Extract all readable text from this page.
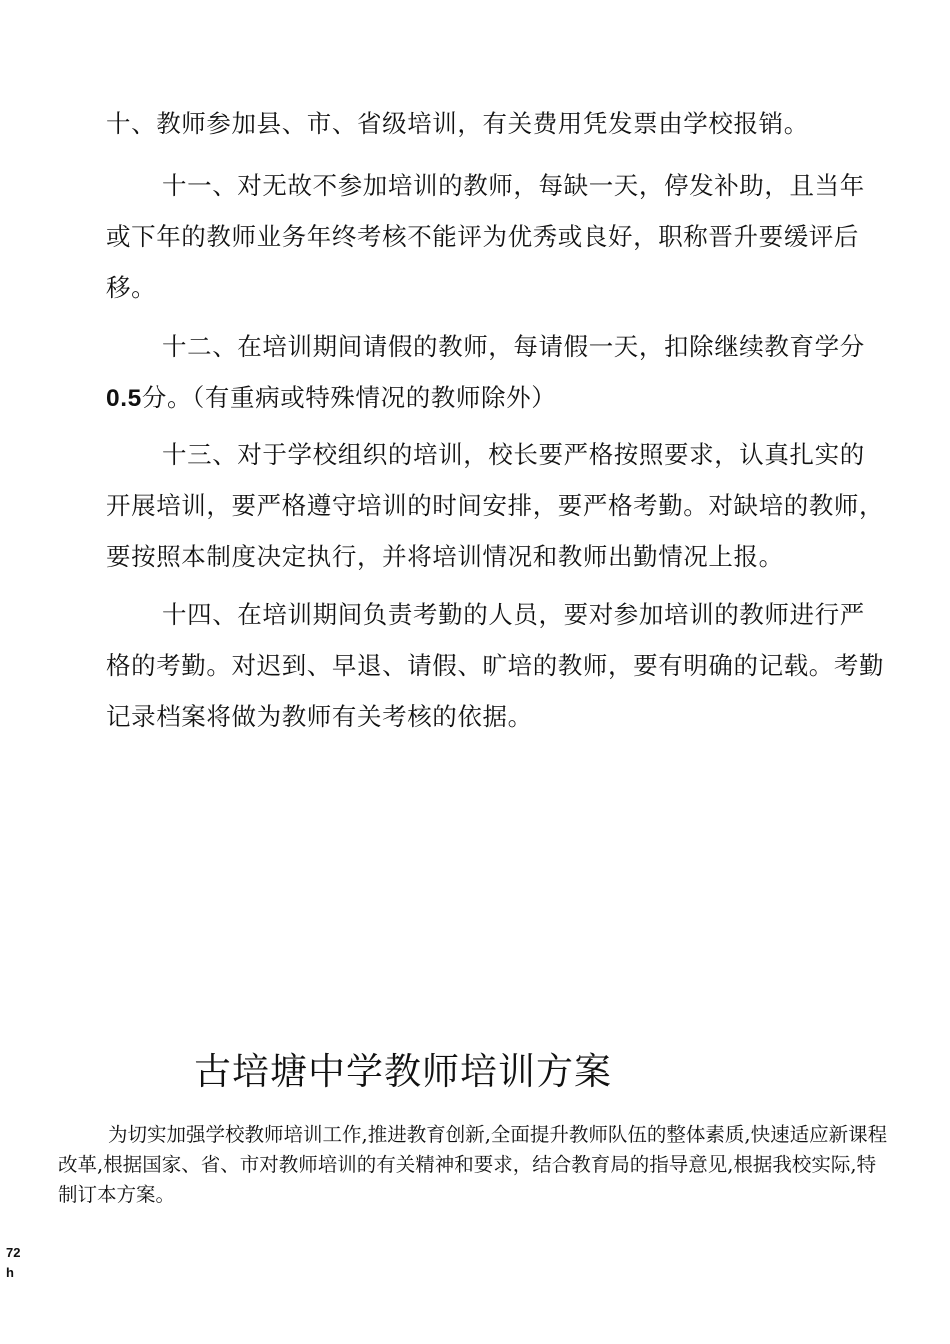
十、教师参加县、市、省级培训，有关费用凭发票由学校报销。

十一、对无故不参加培训的教师，每缺一天，停发补助，且当年或下年的教师业务年终考核不能评为优秀或良好，职称晋升要缓评后移。

十二、在培训期间请假的教师，每请假一天，扣除继续教育学分0.5分。（有重病或特殊情况的教师除外）

十三、对于学校组织的培训，校长要严格按照要求，认真扎实的开展培训，要严格遵守培训的时间安排，要严格考勤。对缺培的教师，要按照本制度决定执行，并将培训情况和教师出勤情况上报。

十四、在培训期间负责考勤的人员，要对参加培训的教师进行严格的考勤。对迟到、早退、请假、旷培的教师，要有明确的记载。考勤记录档案将做为教师有关考核的依据。

古培塘中学教师培训方案

为切实加强学校教师培训工作,推进教育创新,全面提升教师队伍的整体素质,快速适应新课程改革,根据国家、省、市对教师培训的有关精神和要求，结合教育局的指导意见,根据我校实际,特制订本方案。

72
h
